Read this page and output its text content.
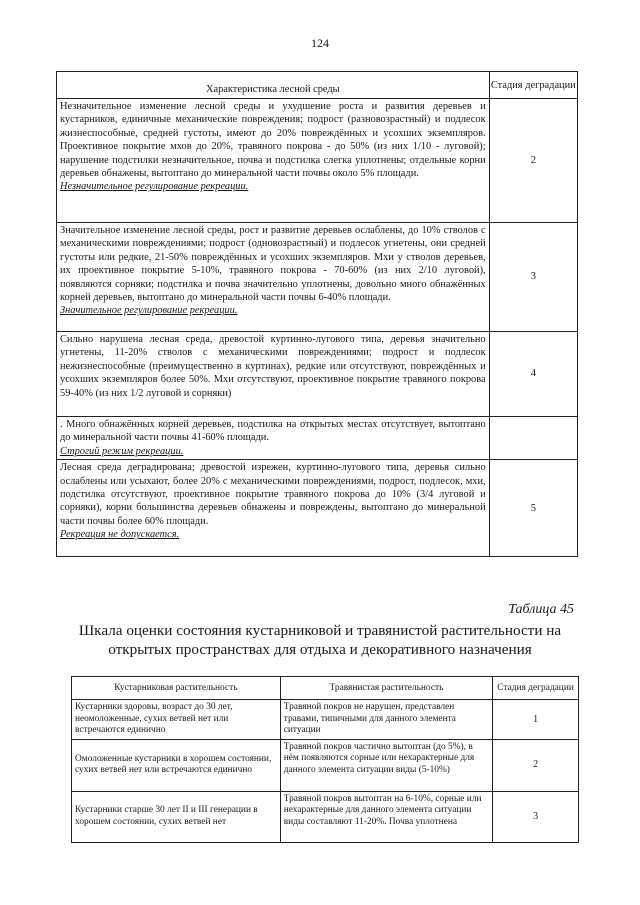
124
Характеристика лесной среды	Стадия деградации
Незначительное изменение лесной среды и ухудшение роста и развития деревьев и кустарников, единичные механические повреждения; подрост (разновозрастный) и подлесок жизнеспособные, средней густоты, имеют до 20% повреждённых и усохших экземпляров. Проективное покрытие мхов до 20%, травяного покрова - до 50% (из них 1/10 - луговой); нарушение подстилки незначительное, почва и подстилка слегка уплотнены; отдельные корни деревьев обнажены, вытоптано до минеральной части почвы около 5% площади.
Незначительное регулирование рекреации.	2
Значительное изменение лесной среды, рост и развитие деревьев ослаблены, до 10% стволов с механическими повреждениями; подрост (одновозрастный) и подлесок угнетены, они средней густоты или редкие, 21-50% повреждённых и усохших экземпляров. Мхи у стволов деревьев, их проективное покрытие 5-10%, травяного покрова - 70-60% (из них 2/10 луговой), появляются сорняки; подстилка и почва значительно уплотнены, довольно много обнажённых корней деревьев, вытоптано до минеральной части почвы 6-40% площади.
Значительное регулирование рекреации.	3
Сильно нарушена лесная среда, древостой куртинно-лугового типа, деревья значительно угнетены, 11-20% стволов с механическими повреждениями; подрост и подлесок нежизнеспособные (преимущественно в куртинах), редкие или отсутствуют, повреждённых и усохших экземпляров более 50%. Мхи отсутствуют, проективное покрытие травяного покрова 59-40% (из них 1/2 луговой и сорняки)	4
. Много обнажённых корней деревьев, подстилка на открытых местах отсутствует, вытоптано до минеральной части почвы 41-60% площади.
Строгий режим рекреации.	
Лесная среда деградирована; древостой изрежен, куртинно-лугового типа, деревья сильно ослаблены или усыхают, более 20% с механическими повреждениями, подрост, подлесок, мхи, подстилка отсутствуют, проективное покрытие травяного покрова до 10% (3/4 луговой и сорняки), корни большинства деревьев обнажены и повреждены, вытоптано до минеральной части почвы более 60% площади.
Рекреация не допускается.	5
Таблица 45
Шкала оценки состояния кустарниковой и травянистой растительности на открытых пространствах для отдыха и декоративного назначения
Кустарниковая растительность	Травянистая растительность	Стадия деградации
Кустарники здоровы, возраст до 30 лет, неомоложенные, сухих ветвей нет или встречаются единично	Травяной покров не нарушен, представлен травами, типичными для данного элемента ситуации	1
Омоложенные кустарники в хорошем состоянии, сухих ветвей нет или встречаются единично	Травяной покров частично вытоптан (до 5%), в нём появляются сорные или нехарактерные для данного элемента ситуации виды (5-10%)	2
Кустарники старше 30 лет II и III генерации в хорошем состоянии, сухих ветвей нет	Травяной покров вытоптан на 6-10%, сорные или нехарактерные для данного элемента ситуации виды составляют 11-20%. Почва уплотнена	3
